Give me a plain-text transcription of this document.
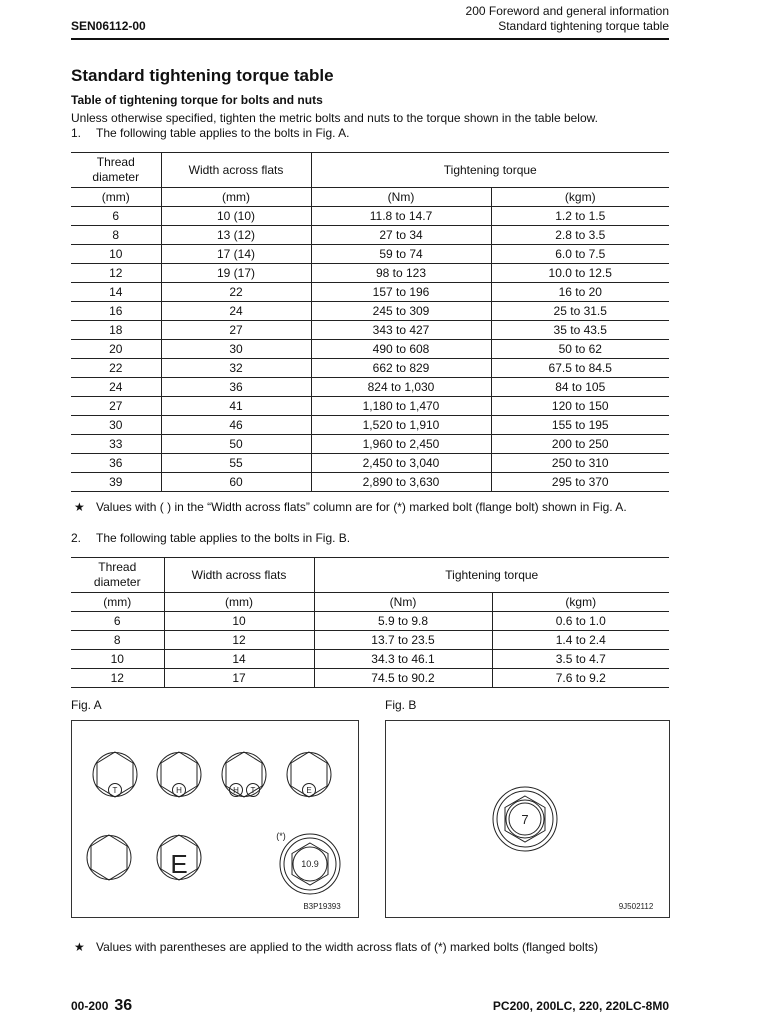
SEN06112-00
200 Foreword and general information
Standard tightening torque table
Standard tightening torque table
Table of tightening torque for bolts and nuts
Unless otherwise specified, tighten the metric bolts and nuts to the torque shown in the table below.
1. The following table applies to the bolts in Fig. A.
Thread diameter	Width across flats	Tightening torque	
(mm)	(mm)	(Nm)	(kgm)
6	10 (10)	11.8 to 14.7	1.2 to 1.5
8	13 (12)	27 to 34	2.8 to 3.5
10	17 (14)	59 to 74	6.0 to 7.5
12	19 (17)	98 to 123	10.0 to 12.5
14	22	157 to 196	16 to 20
16	24	245 to 309	25 to 31.5
18	27	343 to 427	35 to 43.5
20	30	490 to 608	50 to 62
22	32	662 to 829	67.5 to 84.5
24	36	824 to 1,030	84 to 105
27	41	1,180 to 1,470	120 to 150
30	46	1,520 to 1,910	155 to 195
33	50	1,960 to 2,450	200 to 250
36	55	2,450 to 3,040	250 to 310
39	60	2,890 to 3,630	295 to 370
★ Values with ( ) in the “Width across flats” column are for (*) marked bolt (flange bolt) shown in Fig. A.
2. The following table applies to the bolts in Fig. B.
Thread diameter	Width across flats	Tightening torque	
(mm)	(mm)	(Nm)	(kgm)
6	10	5.9 to 9.8	0.6 to 1.0
8	12	13.7 to 23.5	1.4 to 2.4
10	14	34.3 to 46.1	3.5 to 4.7
12	17	74.5 to 90.2	7.6 to 9.2
Fig. A	Fig. B
T	H	H T	E
E
(*)
10.9
B3P19393
7
9J502112
★ Values with parentheses are applied to the width across flats of (*) marked bolts (flanged bolts)
00-200 36	PC200, 200LC, 220, 220LC-8M0
